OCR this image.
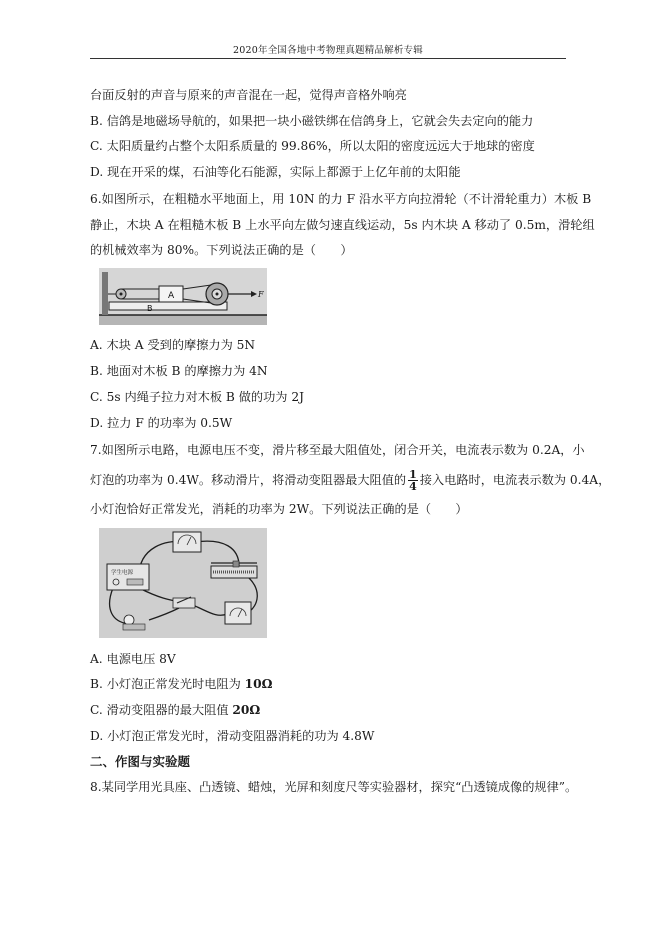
2020年全国各地中考物理真题精品解析专辑
台面反射的声音与原来的声音混在一起，觉得声音格外响亮
B. 信鸽是地磁场导航的，如果把一块小磁铁绑在信鸽身上，它就会失去定向的能力
C. 太阳质量约占整个太阳系质量的 99.86%，所以太阳的密度远远大于地球的密度
D. 现在开采的煤，石油等化石能源，实际上都源于上亿年前的太阳能
6.如图所示，在粗糙水平地面上，用 10N 的力 F 沿水平方向拉滑轮（不计滑轮重力）木板 B
静止，木块 A 在粗糙木板 B 上水平向左做匀速直线运动，5s 内木块 A 移动了 0.5m，滑轮组
的机械效率为 80%。下列说法正确的是（　　）
A
B
F
A. 木块 A 受到的摩擦力为 5N
B. 地面对木板 B 的摩擦力为 4N
C. 5s 内绳子拉力对木板 B 做的功为 2J
D. 拉力 F 的功率为 0.5W
7.如图所示电路，电源电压不变，滑片移至最大阻值处，闭合开关，电流表示数为 0.2A，小
灯泡的功率为 0.4W。移动滑片，将滑动变阻器最大阻值的 $\frac{1}{4}$ 接入电路时，电流表示数为 0.4A，
小灯泡恰好正常发光，消耗的功率为 2W。下列说法正确的是（　　）
学生电源
A. 电源电压 8V
B. 小灯泡正常发光时电阻为 10Ω
C. 滑动变阻器的最大阻值 20Ω
D. 小灯泡正常发光时，滑动变阻器消耗的功为 4.8W
二、作图与实验题
8.某同学用光具座、凸透镜、蜡烛，光屏和刻度尺等实验器材，探究“凸透镜成像的规律”。
